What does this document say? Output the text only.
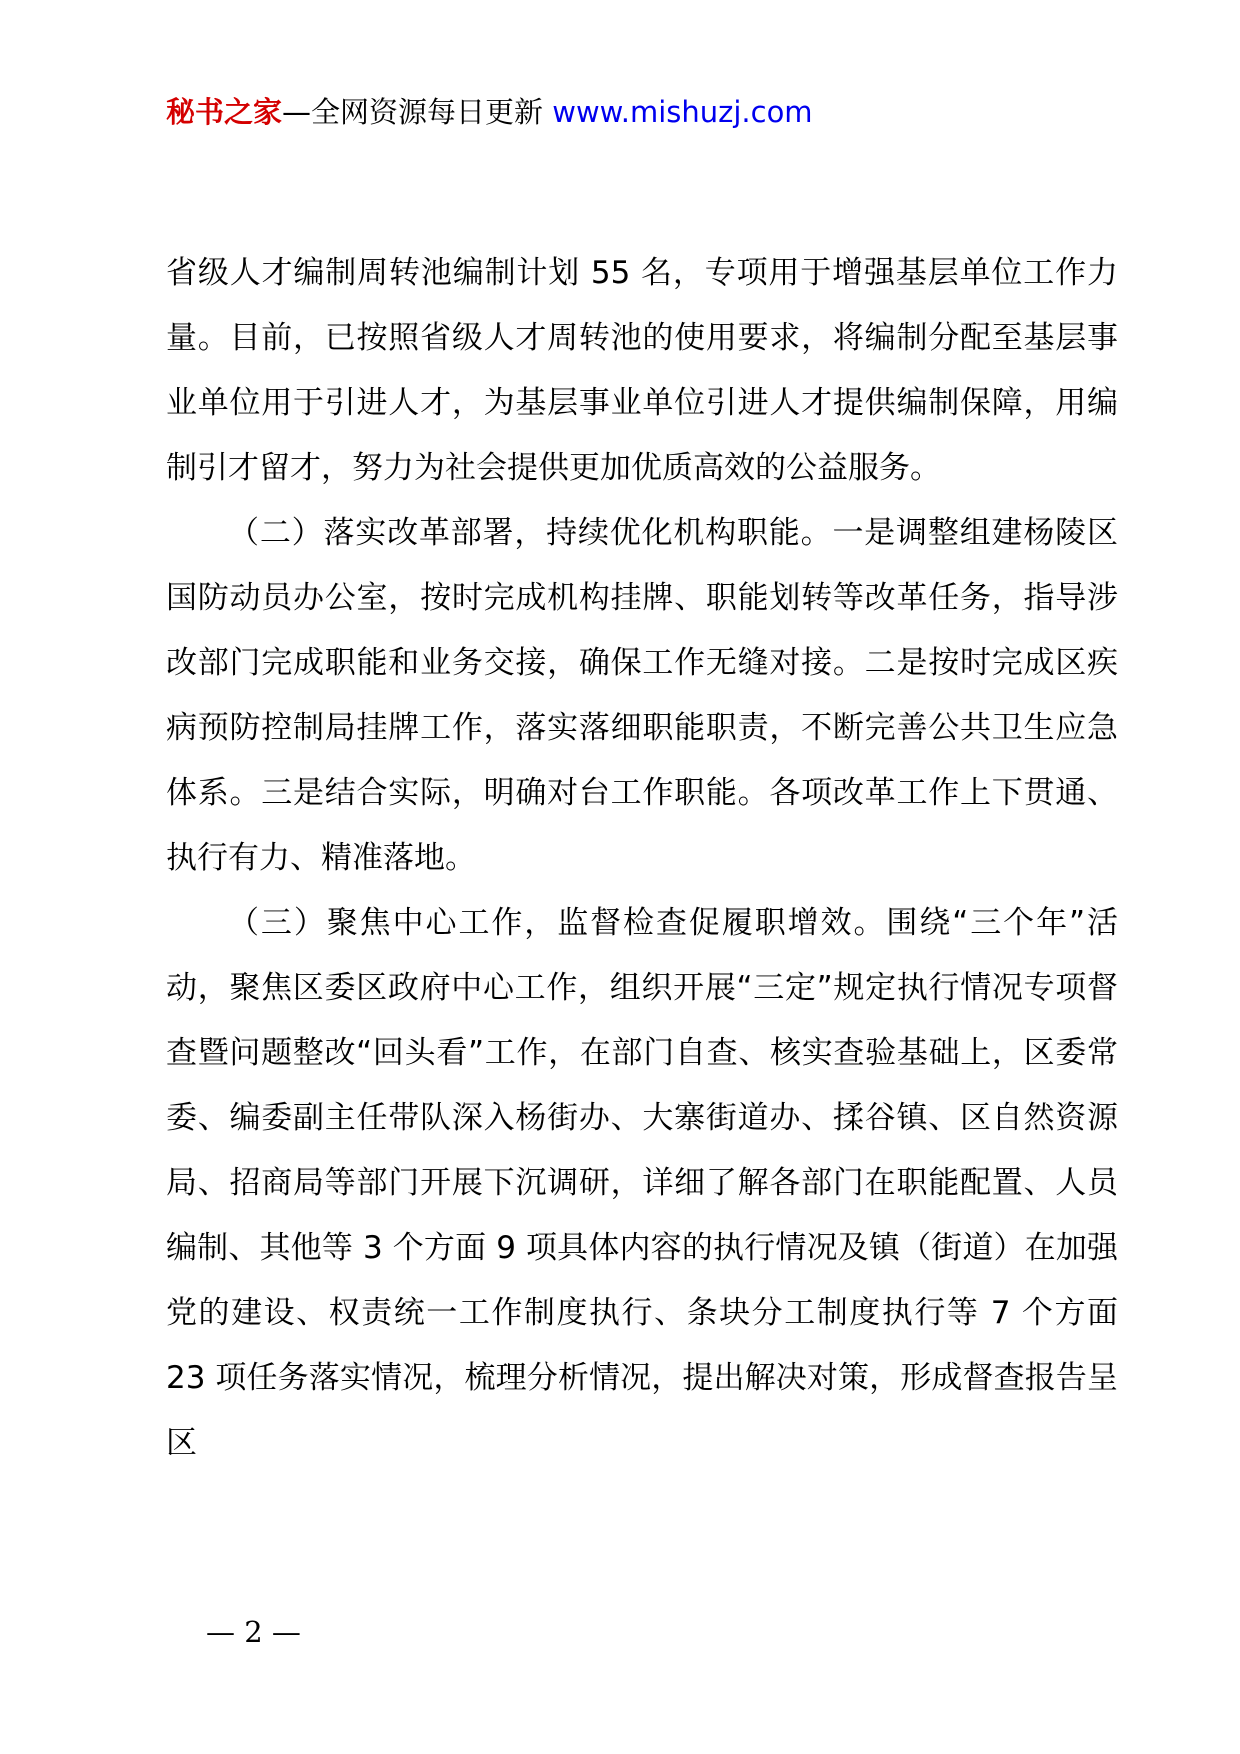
秘书之家—全网资源每日更新 www.mishuzj.com

省级人才编制周转池编制计划 55 名，专项用于增强基层单位工作力量。目前，已按照省级人才周转池的使用要求，将编制分配至基层事业单位用于引进人才，为基层事业单位引进人才提供编制保障，用编制引才留才，努力为社会提供更加优质高效的公益服务。

（二）落实改革部署，持续优化机构职能。一是调整组建杨陵区国防动员办公室，按时完成机构挂牌、职能划转等改革任务，指导涉改部门完成职能和业务交接，确保工作无缝对接。二是按时完成区疾病预防控制局挂牌工作，落实落细职能职责，不断完善公共卫生应急体系。三是结合实际，明确对台工作职能。各项改革工作上下贯通、执行有力、精准落地。

（三）聚焦中心工作，监督检查促履职增效。围绕“三个年”活动，聚焦区委区政府中心工作，组织开展“三定”规定执行情况专项督查暨问题整改“回头看”工作，在部门自查、核实查验基础上，区委常委、编委副主任带队深入杨街办、大寨街道办、揉谷镇、区自然资源局、招商局等部门开展下沉调研，详细了解各部门在职能配置、人员编制、其他等 3 个方面 9 项具体内容的执行情况及镇（街道）在加强党的建设、权责统一工作制度执行、条块分工制度执行等 7 个方面 23 项任务落实情况，梳理分析情况，提出解决对策，形成督查报告呈区

— 2 —
